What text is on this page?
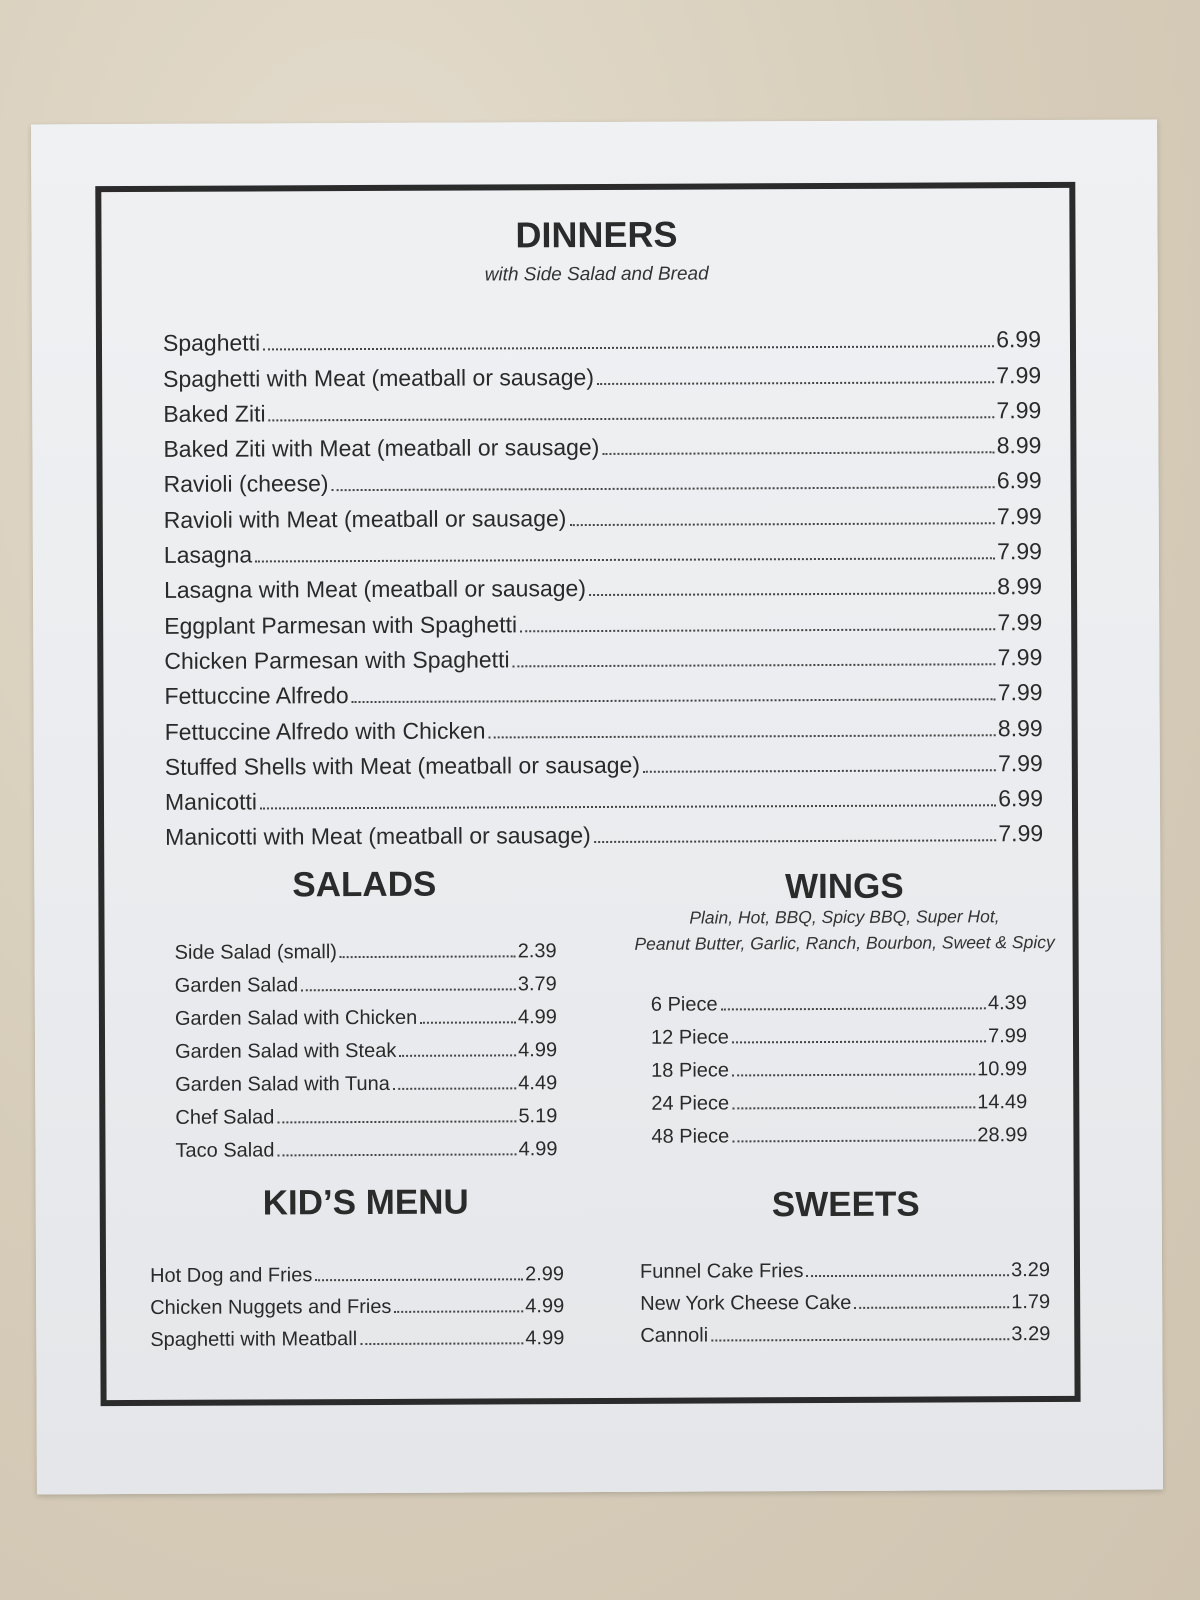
DINNERS
with Side Salad and Bread
Spaghetti	6.99
Spaghetti with Meat (meatball or sausage)	7.99
Baked Ziti	7.99
Baked Ziti with Meat (meatball or sausage)	8.99
Ravioli (cheese)	6.99
Ravioli with Meat (meatball or sausage)	7.99
Lasagna	7.99
Lasagna with Meat (meatball or sausage)	8.99
Eggplant Parmesan with Spaghetti	7.99
Chicken Parmesan with Spaghetti	7.99
Fettuccine Alfredo	7.99
Fettuccine Alfredo with Chicken	8.99
Stuffed Shells with Meat (meatball or sausage)	7.99
Manicotti	6.99
Manicotti with Meat (meatball or sausage)	7.99
SALADS
Side Salad (small)	2.39
Garden Salad	3.79
Garden Salad with Chicken	4.99
Garden Salad with Steak	4.99
Garden Salad with Tuna	4.49
Chef Salad	5.19
Taco Salad	4.99
WINGS
Plain, Hot, BBQ, Spicy BBQ, Super Hot,
Peanut Butter, Garlic, Ranch, Bourbon, Sweet & Spicy
6 Piece	4.39
12 Piece	7.99
18 Piece	10.99
24 Piece	14.49
48 Piece	28.99
KID’S MENU
Hot Dog and Fries	2.99
Chicken Nuggets and Fries	4.99
Spaghetti with Meatball	4.99
SWEETS
Funnel Cake Fries	3.29
New York Cheese Cake	1.79
Cannoli	3.29
